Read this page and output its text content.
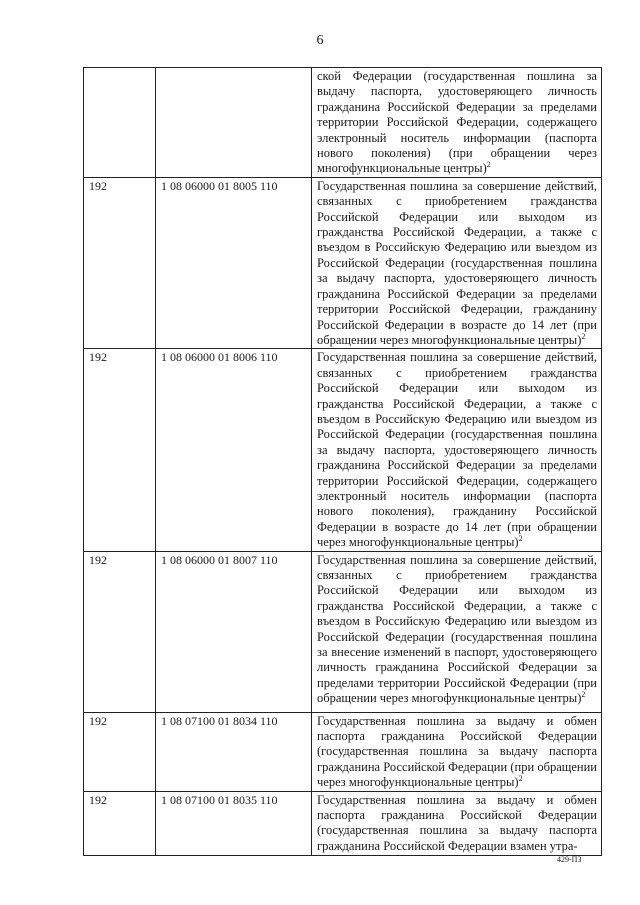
6
		ской Федерации (государственная пошлина за выдачу паспорта, удостоверяющего личность гражданина Российской Федерации за пределами территории Российской Федерации, содержащего электронный носитель информации (паспорта нового поколения) (при обращении через многофункциональные центры)$^2$
192	1 08 06000 01 8005 110	Государственная пошлина за совершение действий, связанных с приобретением гражданства Российской Федерации или выходом из гражданства Российской Федерации, а также с въездом в Российскую Федерацию или выездом из Российской Федерации (государственная пошлина за выдачу паспорта, удостоверяющего личность гражданина Российской Федерации за пределами территории Российской Федерации, гражданину Российской Федерации в возрасте до 14 лет (при обращении через многофункциональные центры)$^2$
192	1 08 06000 01 8006 110	Государственная пошлина за совершение действий, связанных с приобретением гражданства Российской Федерации или выходом из гражданства Российской Федерации, а также с въездом в Российскую Федерацию или выездом из Российской Федерации (государственная пошлина за выдачу паспорта, удостоверяющего личность гражданина Российской Федерации за пределами территории Российской Федерации, содержащего электронный носитель информации (паспорта нового поколения), гражданину Российской Федерации в возрасте до 14 лет (при обращении через многофункциональные центры)$^2$
192	1 08 06000 01 8007 110	Государственная пошлина за совершение действий, связанных с приобретением гражданства Российской Федерации или выходом из гражданства Российской Федерации, а также с въездом в Российскую Федерацию или выездом из Российской Федерации (государственная пошлина за внесение изменений в паспорт, удостоверяющего личность гражданина Российской Федерации за пределами территории Российской Федерации (при обращении через многофункциональные центры)$^2$
192	1 08 07100 01 8034 110	Государственная пошлина за выдачу и обмен паспорта гражданина Российской Федерации (государственная пошлина за выдачу паспорта гражданина Российской Федерации (при обращении через многофункциональные центры)$^2$
192	1 08 07100 01 8035 110	Государственная пошлина за выдачу и обмен паспорта гражданина Российской Федерации (государственная пошлина за выдачу паспорта гражданина Российской Федерации взамен утра-
429-ПЗ
